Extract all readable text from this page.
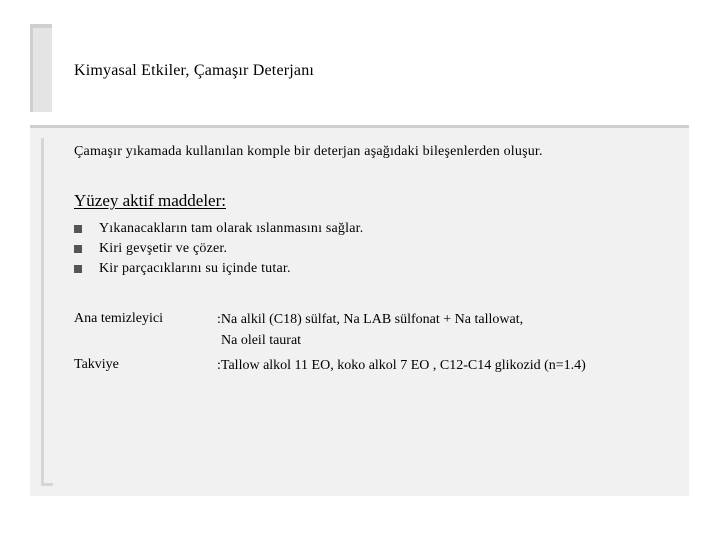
Kimyasal Etkiler, Çamaşır Deterjanı
Çamaşır yıkamada kullanılan komple bir deterjan aşağıdaki bileşenlerden oluşur.
Yüzey aktif maddeler:
Yıkanacakların tam olarak ıslanmasını sağlar.
Kiri gevşetir ve çözer.
Kir parçacıklarını su içinde tutar.
Ana temizleyici	:Na alkil (C18) sülfat, Na LAB sülfonat + Na tallowat,
Na oleil taurat
Takviye	:Tallow alkol 11 EO, koko alkol 7 EO , C12-C14 glikozid (n=1.4)
